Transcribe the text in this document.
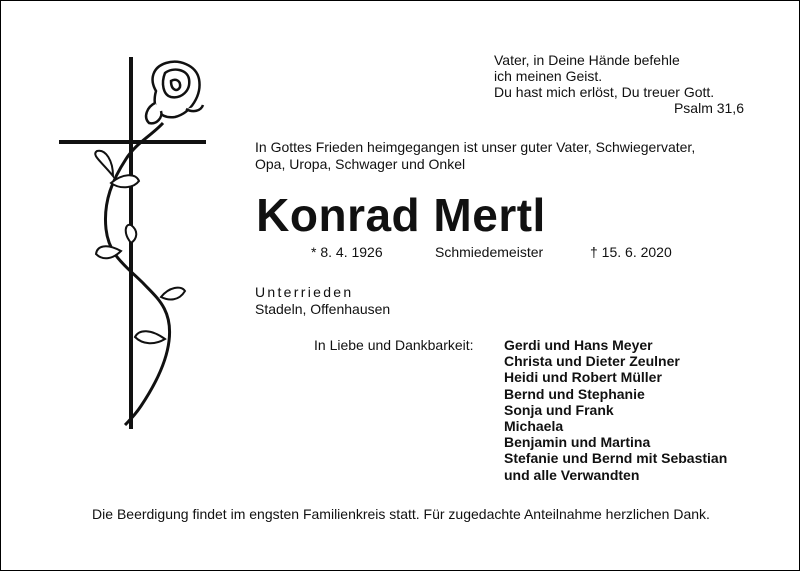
Vater, in Deine Hände befehle
ich meinen Geist.
Du hast mich erlöst, Du treuer Gott.
Psalm 31,6
In Gottes Frieden heimgegangen ist unser guter Vater, Schwiegervater,
Opa, Uropa, Schwager und Onkel
Konrad Mertl
* 8. 4. 1926	Schmiedemeister	† 15. 6. 2020
Unterrieden
Stadeln, Offenhausen
In Liebe und Dankbarkeit: Gerdi und Hans Meyer
Christa und Dieter Zeulner
Heidi und Robert Müller
Bernd und Stephanie
Sonja und Frank
Michaela
Benjamin und Martina
Stefanie und Bernd mit Sebastian
und alle Verwandten
Die Beerdigung findet im engsten Familienkreis statt. Für zugedachte Anteilnahme herzlichen Dank.
